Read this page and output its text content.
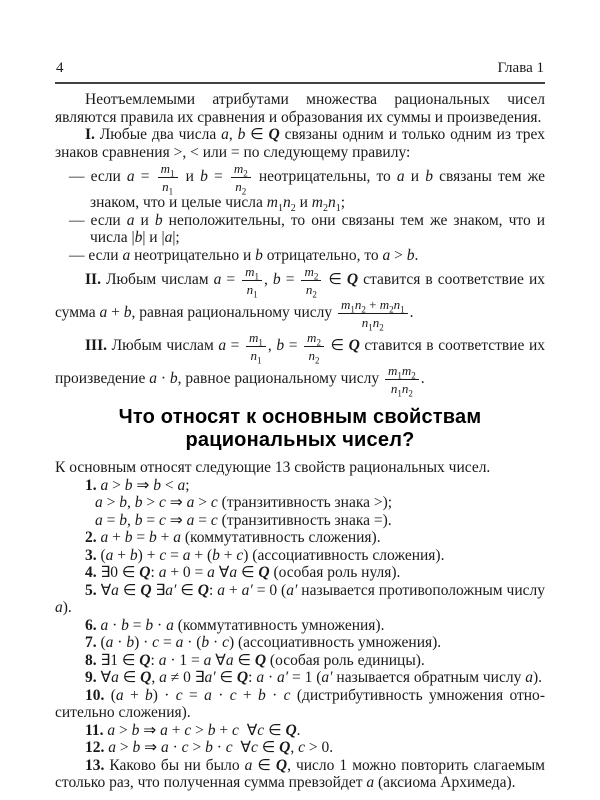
4	Глава 1
Неотъемлемыми атрибутами множества рациональных чисел являются правила их сравнения и образования их суммы и произведения.
I. Любые два числа a, b ∈ Q связаны одним и только одним из трех знаков сравнения >, < или = по следующему правилу:
— если $a = \frac{m_1}{n_1}$ и $b = \frac{m_2}{n_2}$ неотрицательны, то a и b связаны тем же знаком, что и целые числа $m_1n_2$ и $m_2n_1$;
— если a и b неположительны, то они связаны тем же знаком, что и числа |b| и |a|;
— если a неотрицательно и b отрицательно, то a > b.
II. Любым числам $a = \frac{m_1}{n_1}$ , $b = \frac{m_2}{n_2}$ ∈ Q ставится в соответствие их сумма a + b, равная рациональному числу $\frac{m_1n_2 + m_2n_1}{n_1n_2}$ .
III. Любым числам $a = \frac{m_1}{n_1}$ , $b = \frac{m_2}{n_2}$ ∈ Q ставится в соответствие их произведение a · b, равное рациональному числу $\frac{m_1m_2}{n_1n_2}$ .
Что относят к основным свойствам
рациональных чисел?
К основным относят следующие 13 свойств рациональных чисел.
1. a > b ⇒ b < a;
a > b, b > c ⇒ a > c (транзитивность знака >);
a = b, b = c ⇒ a = c (транзитивность знака =).
2. a + b = b + a (коммутативность сложения).
3. (a + b) + c = a + (b + c) (ассоциативность сложения).
4. ∃0 ∈ Q: a + 0 = a ∀a ∈ Q (особая роль нуля).
5. ∀a ∈ Q ∃a′ ∈ Q: a + a′ = 0 (a′ называется противоположным числу a).
6. a · b = b · a (коммутативность умножения).
7. (a · b) · c = a · (b · c) (ассоциативность умножения).
8. ∃1 ∈ Q: a · 1 = a ∀a ∈ Q (особая роль единицы).
9. ∀a ∈ Q, a ≠ 0 ∃a′ ∈ Q: a · a′ = 1 (a′ называется обратным числу a).
10. (a + b) · c = a · c + b · c (дистрибутивность умножения относительно сложения).
11. a > b ⇒ a + c > b + c ∀c ∈ Q.
12. a > b ⇒ a · c > b · c ∀c ∈ Q, c > 0.
13. Каково бы ни было a ∈ Q, число 1 можно повторить слагаемым столько раз, что полученная сумма превзойдет a (аксиома Архимеда).
